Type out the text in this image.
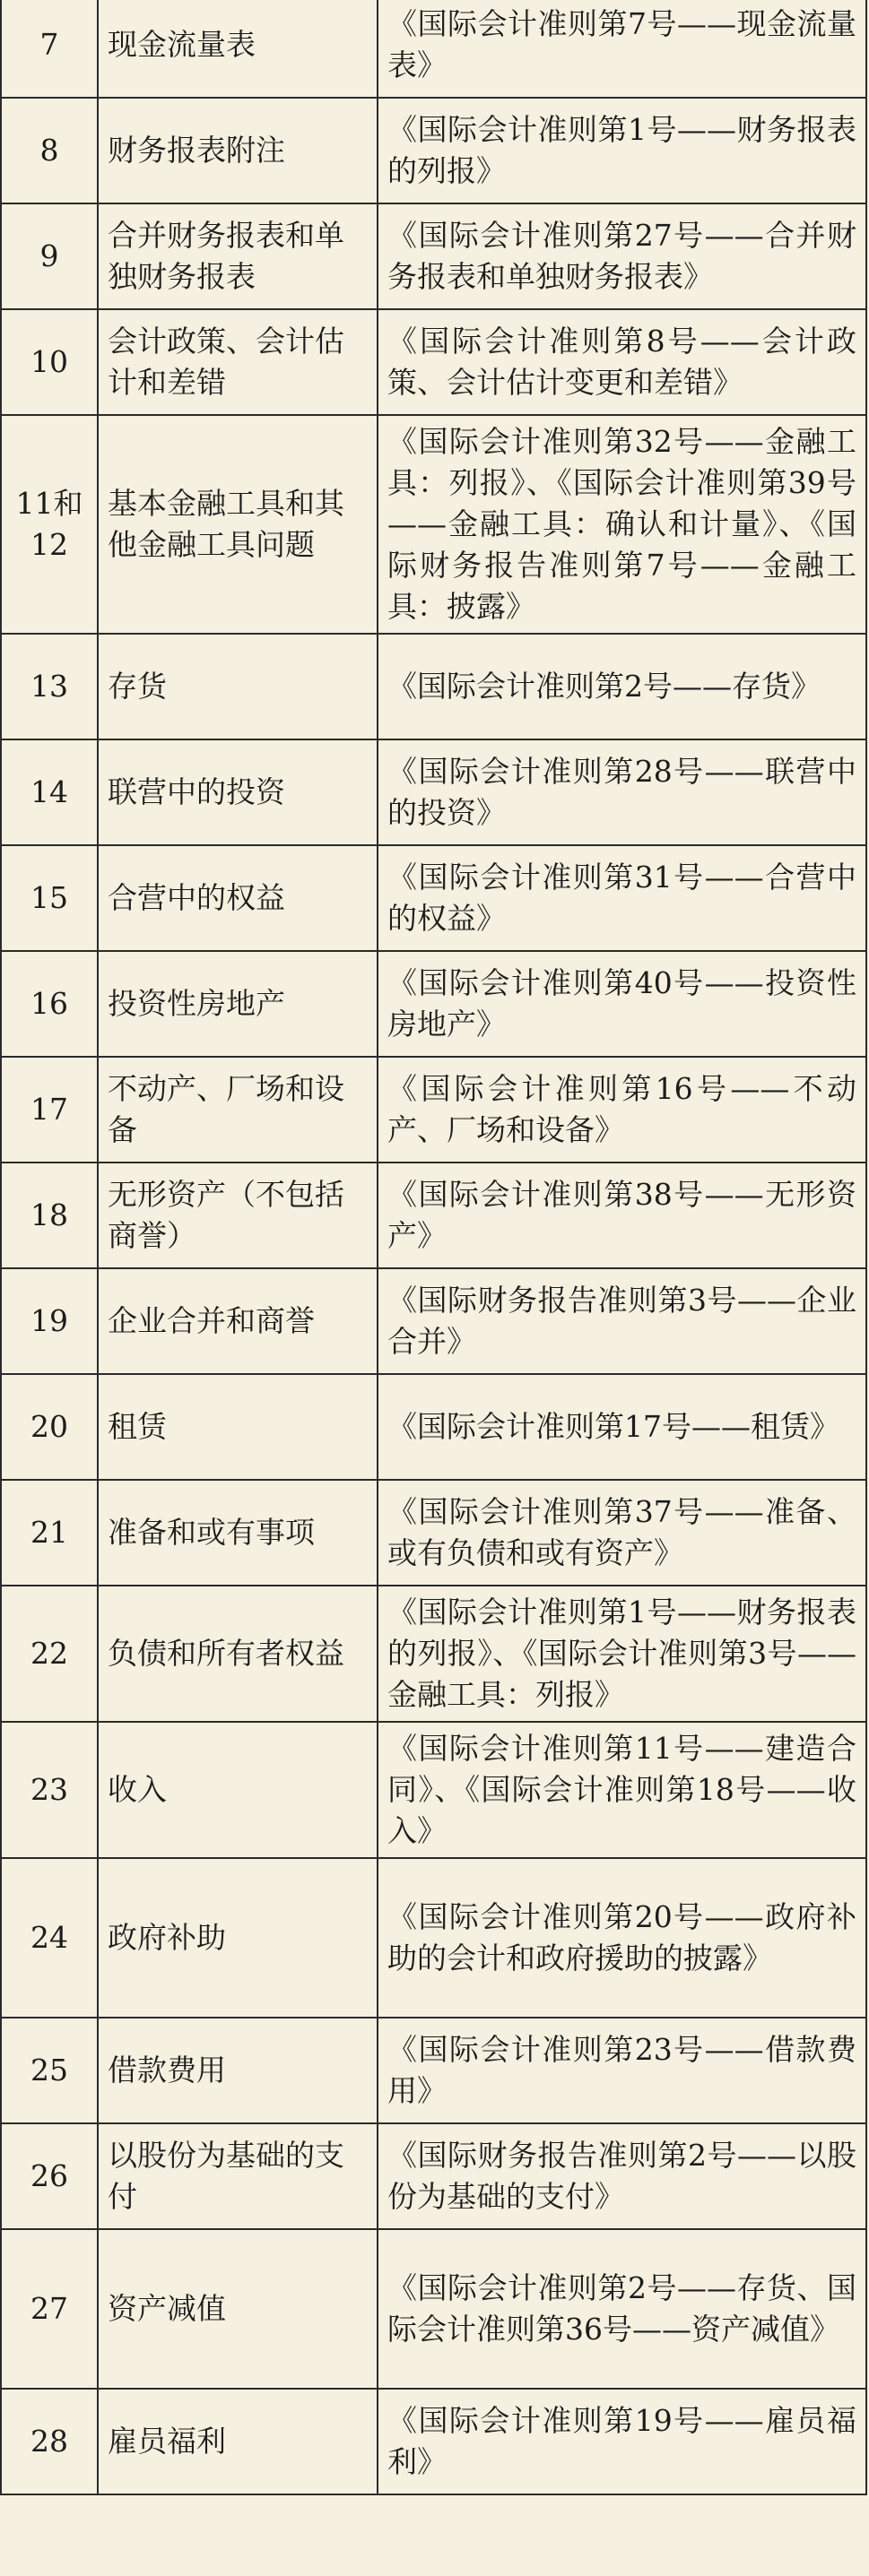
7	现金流量表	《国际会计准则第7号——现金流量表》
8	财务报表附注	《国际会计准则第1号——财务报表的列报》
9	合并财务报表和单独财务报表	《国际会计准则第27号——合并财务报表和单独财务报表》
10	会计政策、会计估计和差错	《国际会计准则第8号——会计政策、会计估计变更和差错》
11和12	基本金融工具和其他金融工具问题	《国际会计准则第32号——金融工具：列报》、《国际会计准则第39号——金融工具：确认和计量》、《国际财务报告准则第7号——金融工具：披露》
13	存货	《国际会计准则第2号——存货》
14	联营中的投资	《国际会计准则第28号——联营中的投资》
15	合营中的权益	《国际会计准则第31号——合营中的权益》
16	投资性房地产	《国际会计准则第40号——投资性房地产》
17	不动产、厂场和设备	《国际会计准则第16号——不动产、厂场和设备》
18	无形资产（不包括商誉）	《国际会计准则第38号——无形资产》
19	企业合并和商誉	《国际财务报告准则第3号——企业合并》
20	租赁	《国际会计准则第17号——租赁》
21	准备和或有事项	《国际会计准则第37号——准备、或有负债和或有资产》
22	负债和所有者权益	《国际会计准则第1号——财务报表的列报》、《国际会计准则第3号——金融工具：列报》
23	收入	《国际会计准则第11号——建造合同》、《国际会计准则第18号——收入》
24	政府补助	《国际会计准则第20号——政府补助的会计和政府援助的披露》
25	借款费用	《国际会计准则第23号——借款费用》
26	以股份为基础的支付	《国际财务报告准则第2号——以股份为基础的支付》
27	资产减值	《国际会计准则第2号——存货、国际会计准则第36号——资产减值》
28	雇员福利	《国际会计准则第19号——雇员福利》
